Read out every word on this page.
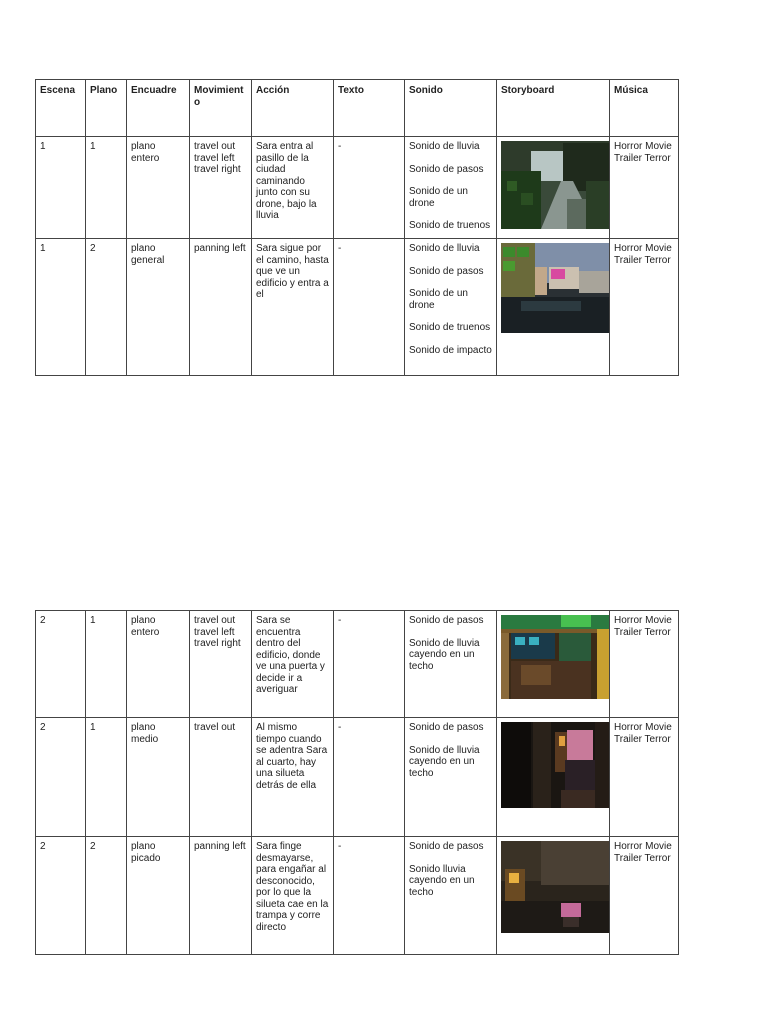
Escena	Plano	Encuadre	Movimiento	Acción	Texto	Sonido	Storyboard	Música
1	1	plano entero	travel out travel left travel right	Sara entra al pasillo de la ciudad caminando junto con su drone, bajo la lluvia	-	Sonido de lluvia

Sonido de pasos

Sonido de un drone

Sonido de truenos		Horror Movie Trailer Terror
1	2	plano general	panning left	Sara sigue por el camino, hasta que ve un edificio y entra a el	-	Sonido de lluvia

Sonido de pasos

Sonido de un drone

Sonido de truenos

Sonido de impacto		Horror Movie Trailer Terror
2	1	plano entero	travel out travel left travel right	Sara se encuentra dentro del edificio, donde ve una puerta y decide ir a averiguar	-	Sonido de pasos

Sonido de lluvia cayendo en un techo		Horror Movie Trailer Terror
2	1	plano medio	travel out	Al mismo tiempo cuando se adentra Sara al cuarto, hay una silueta detrás de ella	-	Sonido de pasos

Sonido de lluvia cayendo en un techo		Horror Movie Trailer Terror
2	2	plano picado	panning left	Sara finge desmayarse, para engañar al desconocido, por lo que la silueta cae en la trampa y corre directo	-	Sonido de pasos

Sonido lluvia cayendo en un techo		Horror Movie Trailer Terror
